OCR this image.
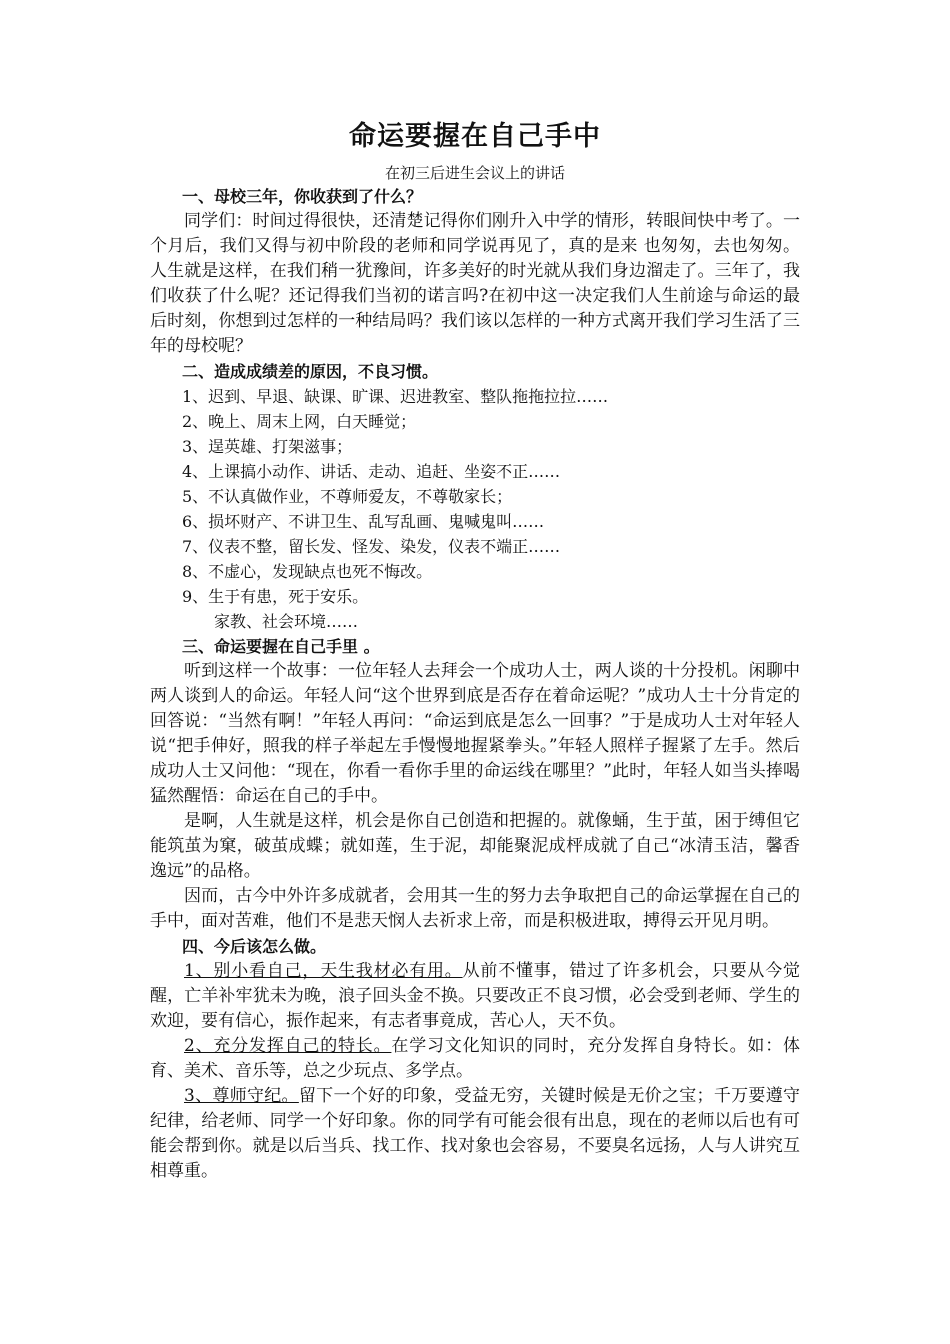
命运要握在自己手中
在初三后进生会议上的讲话
一、母校三年，你收获到了什么？

同学们：时间过得很快，还清楚记得你们刚升入中学的情形，转眼间快中考了。一个月后，我们又得与初中阶段的老师和同学说再见了，真的是来 也匆匆，去也匆匆。人生就是这样，在我们稍一犹豫间，许多美好的时光就从我们身边溜走了。三年了，我们收获了什么呢？还记得我们当初的诺言吗?在初中这一决定我们人生前途与命运的最后时刻，你想到过怎样的一种结局吗？我们该以怎样的一种方式离开我们学习生活了三年的母校呢？

二、造成成绩差的原因，不良习惯。
1、迟到、早退、缺课、旷课、迟进教室、整队拖拖拉拉……
2、晚上、周末上网，白天睡觉；
3、逞英雄、打架滋事；
4、上课搞小动作、讲话、走动、追赶、坐姿不正……
5、不认真做作业，不尊师爱友，不尊敬家长；
6、损坏财产、不讲卫生、乱写乱画、鬼喊鬼叫……
7、仪表不整，留长发、怪发、染发，仪表不端正……
8、不虚心，发现缺点也死不悔改。
9、生于有患，死于安乐。
家教、社会环境……
三、命运要握在自己手里 。

听到这样一个故事：一位年轻人去拜会一个成功人士，两人谈的十分投机。闲聊中两人谈到人的命运。年轻人问“这个世界到底是否存在着命运呢？”成功人士十分肯定的回答说：“当然有啊！”年轻人再问：“命运到底是怎么一回事？”于是成功人士对年轻人说“把手伸好，照我的样子举起左手慢慢地握紧拳头。”年轻人照样子握紧了左手。然后成功人士又问他：“现在，你看一看你手里的命运线在哪里？”此时，年轻人如当头捧喝猛然醒悟：命运在自己的手中。

是啊，人生就是这样，机会是你自己创造和把握的。就像蛹，生于茧，困于缚但它能筑茧为窠，破茧成蝶；就如莲，生于泥，却能聚泥成枰成就了自己“冰清玉洁，馨香逸远”的品格。

因而，古今中外许多成就者，会用其一生的努力去争取把自己的命运掌握在自己的手中，面对苦难，他们不是悲天悯人去祈求上帝，而是积极进取，搏得云开见月明。

四、今后该怎么做。

1、别小看自己，天生我材必有用。从前不懂事，错过了许多机会，只要从今觉醒，亡羊补牢犹未为晚，浪子回头金不换。只要改正不良习惯，必会受到老师、学生的欢迎，要有信心，振作起来，有志者事竟成，苦心人，天不负。

2、充分发挥自己的特长。在学习文化知识的同时，充分发挥自身特长。如：体育、美术、音乐等，总之少玩点、多学点。

3、尊师守纪。留下一个好的印象，受益无穷，关键时候是无价之宝；千万要遵守纪律，给老师、同学一个好印象。你的同学有可能会很有出息，现在的老师以后也有可能会帮到你。就是以后当兵、找工作、找对象也会容易，不要臭名远扬，人与人讲究互相尊重。
